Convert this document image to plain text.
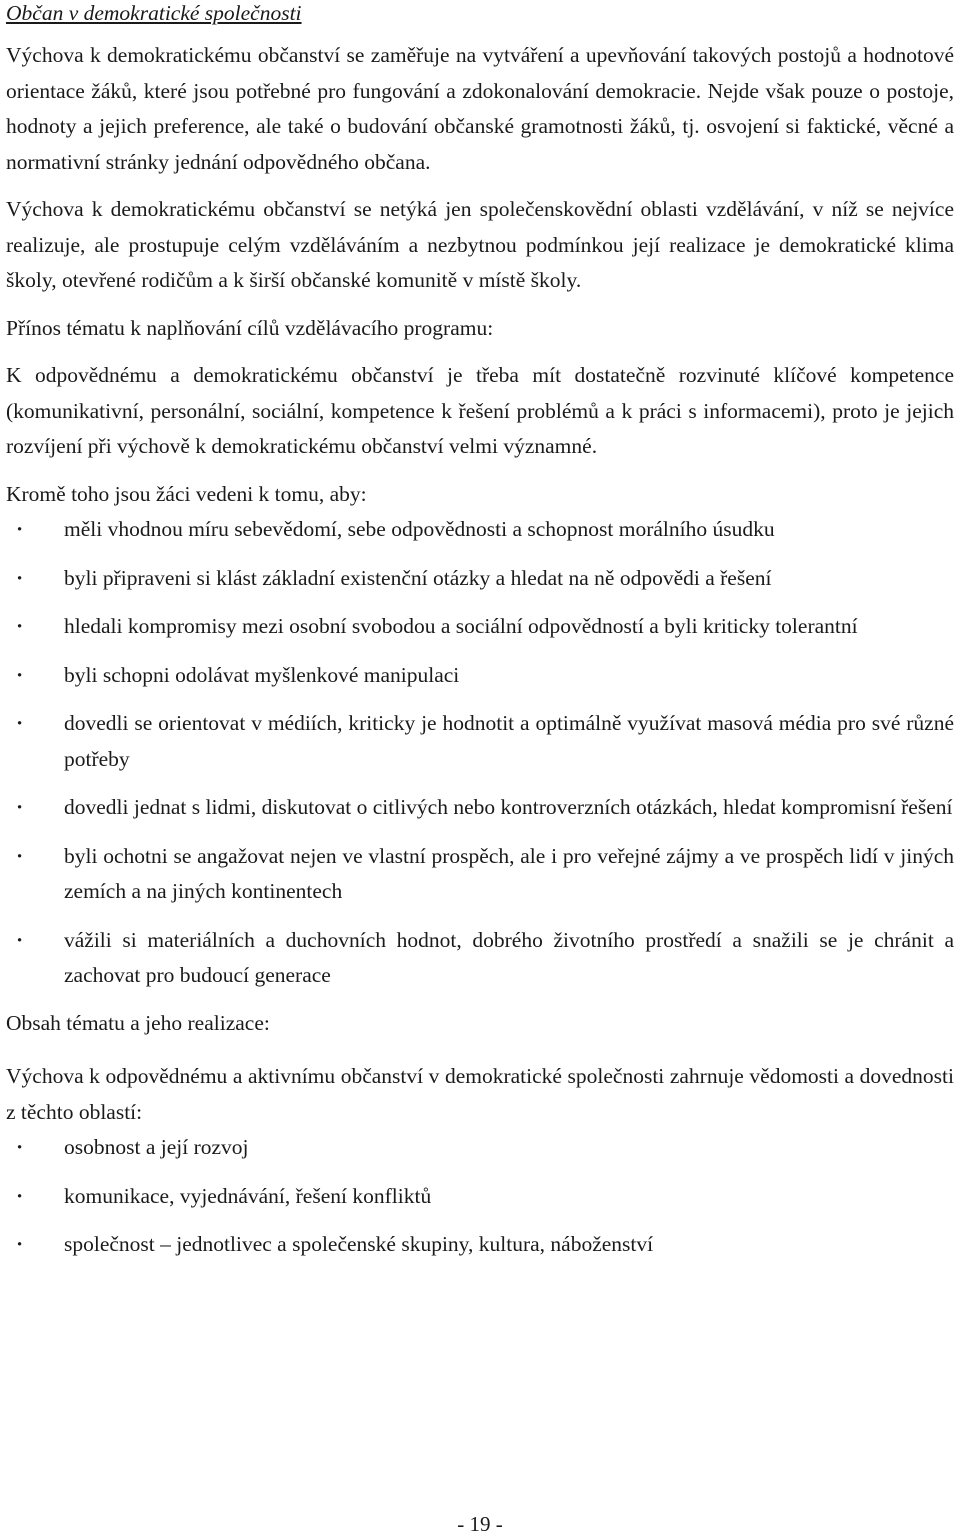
Občan v demokratické společnosti

Výchova k demokratickému občanství se zaměřuje na vytváření a upevňování takových postojů a hodnotové orientace žáků, které jsou potřebné pro fungování a zdokonalování demokracie. Nejde však pouze o postoje, hodnoty a jejich preference, ale také o budování občanské gramotnosti žáků, tj. osvojení si faktické, věcné a normativní stránky jednání odpovědného občana.

Výchova k demokratickému občanství se netýká jen společenskovědní oblasti vzdělávání, v níž se nejvíce realizuje, ale prostupuje celým vzděláváním a nezbytnou podmínkou její realizace je demokratické klima školy, otevřené rodičům a k širší občanské komunitě v místě školy.

Přínos tématu k naplňování cílů vzdělávacího programu:

K odpovědnému a demokratickému občanství je třeba mít dostatečně rozvinuté klíčové kompetence (komunikativní, personální, sociální, kompetence k řešení problémů a k práci s informacemi), proto je jejich rozvíjení při výchově k demokratickému občanství velmi významné.

Kromě toho jsou žáci vedeni k tomu, aby:

· měli vhodnou míru sebevědomí, sebe odpovědnosti a schopnost morálního úsudku
· byli připraveni si klást základní existenční otázky a hledat na ně odpovědi a řešení
· hledali kompromisy mezi osobní svobodou a sociální odpovědností a byli kriticky tolerantní
· byli schopni odolávat myšlenkové manipulaci
· dovedli se orientovat v médiích, kriticky je hodnotit a optimálně využívat masová média pro své různé potřeby
· dovedli jednat s lidmi, diskutovat o citlivých nebo kontroverzních otázkách, hledat kompromisní řešení
· byli ochotni se angažovat nejen ve vlastní prospěch, ale i pro veřejné zájmy a ve prospěch lidí v jiných zemích a na jiných kontinentech
· vážili si materiálních a duchovních hodnot, dobrého životního prostředí a snažili se je chránit a zachovat pro budoucí generace

Obsah tématu a jeho realizace:

Výchova k odpovědnému a aktivnímu občanství v demokratické společnosti zahrnuje vědomosti a dovednosti z těchto oblastí:

· osobnost a její rozvoj
· komunikace, vyjednávání, řešení konfliktů
· společnost – jednotlivec a společenské skupiny, kultura, náboženství
- 19 -
